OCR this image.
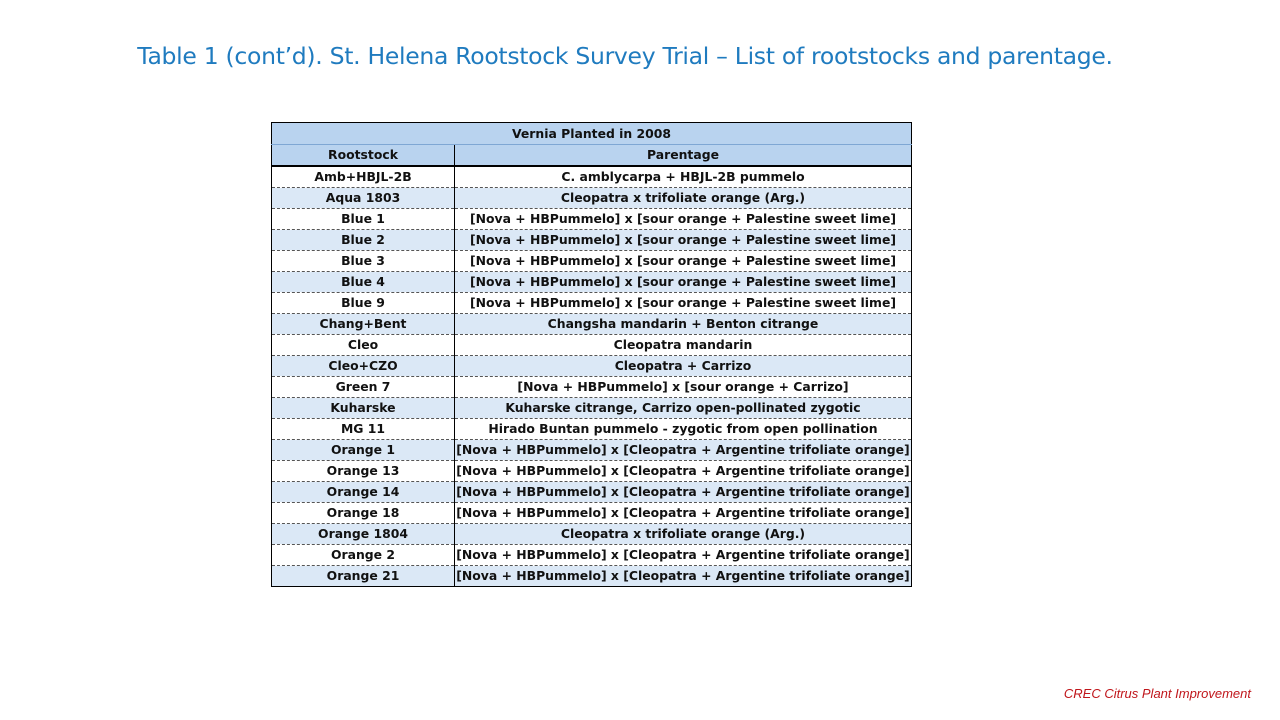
Table 1 (cont’d). St. Helena Rootstock Survey Trial – List of rootstocks and parentage.
Vernia Planted in 2008	
Rootstock	Parentage
Amb+HBJL-2B	C. amblycarpa + HBJL-2B pummelo
Aqua 1803	Cleopatra x trifoliate orange (Arg.)
Blue 1	[Nova + HBPummelo] x [sour orange + Palestine sweet lime]
Blue 2	[Nova + HBPummelo] x [sour orange + Palestine sweet lime]
Blue 3	[Nova + HBPummelo] x [sour orange + Palestine sweet lime]
Blue 4	[Nova + HBPummelo] x [sour orange + Palestine sweet lime]
Blue 9	[Nova + HBPummelo] x [sour orange + Palestine sweet lime]
Chang+Bent	Changsha mandarin + Benton citrange
Cleo	Cleopatra mandarin
Cleo+CZO	Cleopatra + Carrizo
Green 7	[Nova + HBPummelo] x [sour orange + Carrizo]
Kuharske	Kuharske citrange, Carrizo open-pollinated zygotic
MG 11	Hirado Buntan pummelo - zygotic from open pollination
Orange 1	[Nova + HBPummelo] x [Cleopatra + Argentine trifoliate orange]
Orange 13	[Nova + HBPummelo] x [Cleopatra + Argentine trifoliate orange]
Orange 14	[Nova + HBPummelo] x [Cleopatra + Argentine trifoliate orange]
Orange 18	[Nova + HBPummelo] x [Cleopatra + Argentine trifoliate orange]
Orange 1804	Cleopatra x trifoliate orange (Arg.)
Orange 2	[Nova + HBPummelo] x [Cleopatra + Argentine trifoliate orange]
Orange 21	[Nova + HBPummelo] x [Cleopatra + Argentine trifoliate orange]
CREC Citrus Plant Improvement
